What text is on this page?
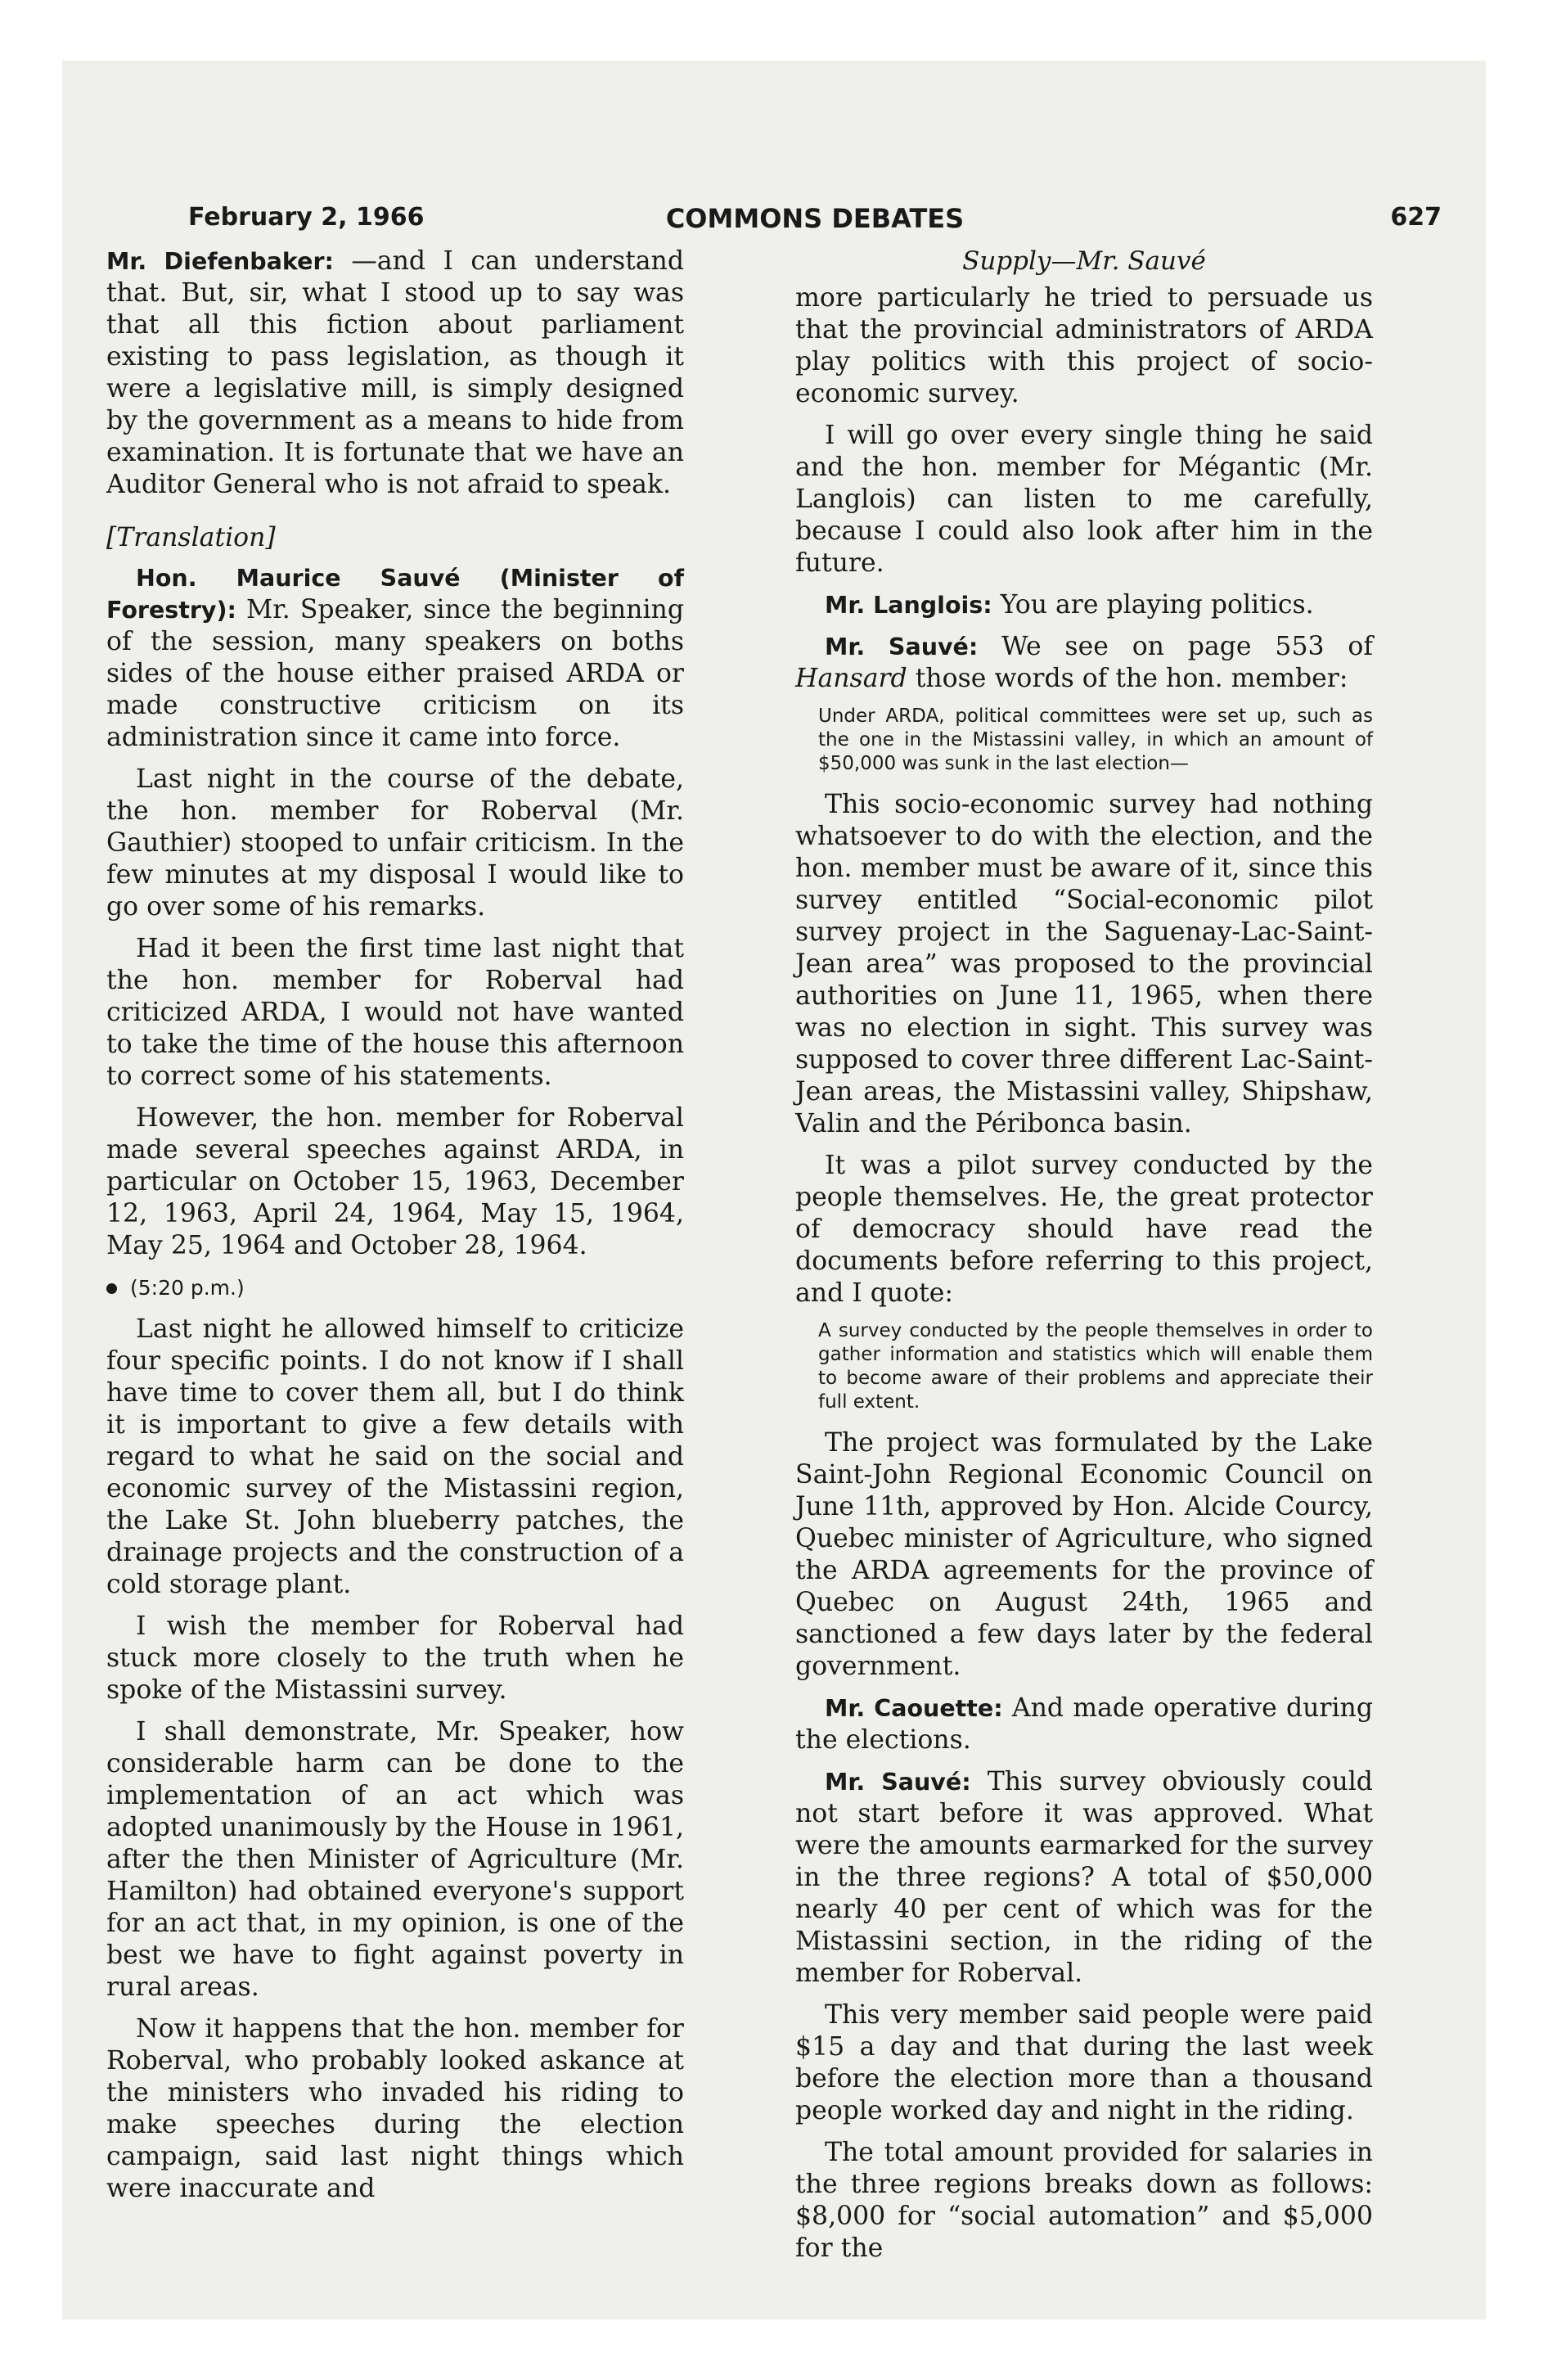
February 2, 1966	COMMONS DEBATES	627

Mr. Diefenbaker: —and I can understand that. But, sir, what I stood up to say was that all this fiction about parliament existing to pass legislation, as though it were a legislative mill, is simply designed by the government as a means to hide from examination. It is fortunate that we have an Auditor General who is not afraid to speak.

[Translation]

Hon. Maurice Sauvé (Minister of Forestry): Mr. Speaker, since the beginning of the session, many speakers on boths sides of the house either praised ARDA or made constructive criticism on its administration since it came into force.

Last night in the course of the debate, the hon. member for Roberval (Mr. Gauthier) stooped to unfair criticism. In the few minutes at my disposal I would like to go over some of his remarks.

Had it been the first time last night that the hon. member for Roberval had criticized ARDA, I would not have wanted to take the time of the house this afternoon to correct some of his statements.

However, the hon. member for Roberval made several speeches against ARDA, in particular on October 15, 1963, December 12, 1963, April 24, 1964, May 15, 1964, May 25, 1964 and October 28, 1964.

(5:20 p.m.)

Last night he allowed himself to criticize four specific points. I do not know if I shall have time to cover them all, but I do think it is important to give a few details with regard to what he said on the social and economic survey of the Mistassini region, the Lake St. John blueberry patches, the drainage projects and the construction of a cold storage plant.

I wish the member for Roberval had stuck more closely to the truth when he spoke of the Mistassini survey.

I shall demonstrate, Mr. Speaker, how considerable harm can be done to the implementation of an act which was adopted unanimously by the House in 1961, after the then Minister of Agriculture (Mr. Hamilton) had obtained everyone's support for an act that, in my opinion, is one of the best we have to fight against poverty in rural areas.

Now it happens that the hon. member for Roberval, who probably looked askance at the ministers who invaded his riding to make speeches during the election campaign, said last night things which were inaccurate and

Supply—Mr. Sauvé

more particularly he tried to persuade us that the provincial administrators of ARDA play politics with this project of socio-economic survey.

I will go over every single thing he said and the hon. member for Mégantic (Mr. Langlois) can listen to me carefully, because I could also look after him in the future.

Mr. Langlois: You are playing politics.

Mr. Sauvé: We see on page 553 of Hansard those words of the hon. member:

Under ARDA, political committees were set up, such as the one in the Mistassini valley, in which an amount of $50,000 was sunk in the last election—

This socio-economic survey had nothing whatsoever to do with the election, and the hon. member must be aware of it, since this survey entitled “Social-economic pilot survey project in the Saguenay-Lac-Saint-Jean area” was proposed to the provincial authorities on June 11, 1965, when there was no election in sight. This survey was supposed to cover three different Lac-Saint-Jean areas, the Mistassini valley, Shipshaw, Valin and the Péribonca basin.

It was a pilot survey conducted by the people themselves. He, the great protector of democracy should have read the documents before referring to this project, and I quote:

A survey conducted by the people themselves in order to gather information and statistics which will enable them to become aware of their problems and appreciate their full extent.

The project was formulated by the Lake Saint-John Regional Economic Council on June 11th, approved by Hon. Alcide Courcy, Quebec minister of Agriculture, who signed the ARDA agreements for the province of Quebec on August 24th, 1965 and sanctioned a few days later by the federal government.

Mr. Caouette: And made operative during the elections.

Mr. Sauvé: This survey obviously could not start before it was approved. What were the amounts earmarked for the survey in the three regions? A total of $50,000 nearly 40 per cent of which was for the Mistassini section, in the riding of the member for Roberval.

This very member said people were paid $15 a day and that during the last week before the election more than a thousand people worked day and night in the riding.

The total amount provided for salaries in the three regions breaks down as follows: $8,000 for “social automation” and $5,000 for the
